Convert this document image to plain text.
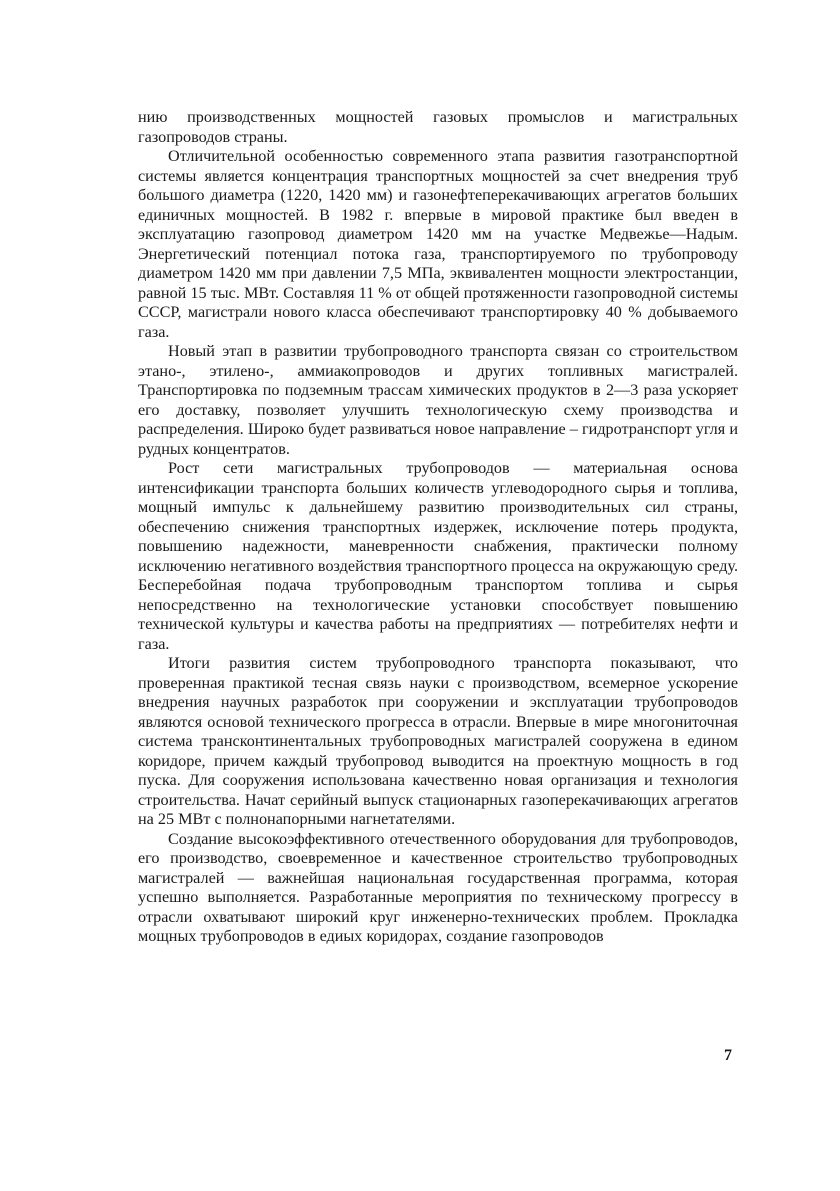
нию производственных мощностей газовых промыслов и магистральных газопроводов страны.

Отличительной особенностью современного этапа развития газотранспортной системы является концентрация транспортных мощностей за счет внедрения труб большого диаметра (1220, 1420 мм) и газонефтеперекачивающих агрегатов больших единичных мощностей. В 1982 г. впервые в мировой практике был введен в эксплуатацию газопровод диаметром 1420 мм на участке Медвежье—Надым. Энергетический потенциал потока газа, транспортируемого по трубопроводу диаметром 1420 мм при давлении 7,5 МПа, эквивалентен мощности электростанции, равной 15 тыс. МВт. Составляя 11 % от общей протяженности газопроводной системы СССР, магистрали нового класса обеспечивают транспортировку 40 % добываемого газа.

Новый этап в развитии трубопроводного транспорта связан со строительством этано-, этилено-, аммиакопроводов и других топливных магистралей. Транспортировка по подземным трассам химических продуктов в 2—3 раза ускоряет его доставку, позволяет улучшить технологическую схему производства и распределения. Широко будет развиваться новое направление – гидротранспорт угля и рудных концентратов.

Рост сети магистральных трубопроводов — материальная основа интенсификации транспорта больших количеств углеводородного сырья и топлива, мощный импульс к дальнейшему развитию производительных сил страны, обеспечению снижения транспортных издержек, исключение потерь продукта, повышению надежности, маневренности снабжения, практически полному исключению негативного воздействия транспортного процесса на окружающую среду. Бесперебойная подача трубопроводным транспортом топлива и сырья непосредственно на технологические установки способствует повышению технической культуры и качества работы на предприятиях — потребителях нефти и газа.

Итоги развития систем трубопроводного транспорта показывают, что проверенная практикой тесная связь науки с производством, всемерное ускорение внедрения научных разработок при сооружении и эксплуатации трубопроводов являются основой технического прогресса в отрасли. Впервые в мире многониточная система трансконтинентальных трубопроводных магистралей сооружена в едином коридоре, причем каждый трубопровод выводится на проектную мощность в год пуска. Для сооружения использована качественно новая организация и технология строительства. Начат серийный выпуск стационарных газоперекачивающих агрегатов на 25 МВт с полнонапорными нагнетателями.

Создание высокоэффективного отечественного оборудования для трубопроводов, его производство, своевременное и качественное строительство трубопроводных магистралей — важнейшая национальная государственная программа, которая успешно выполняется. Разработанные мероприятия по техническому прогрессу в отрасли охватывают широкий круг инженерно-технических проблем. Прокладка мощных трубопроводов в едиых коридорах, создание газопроводов

7
